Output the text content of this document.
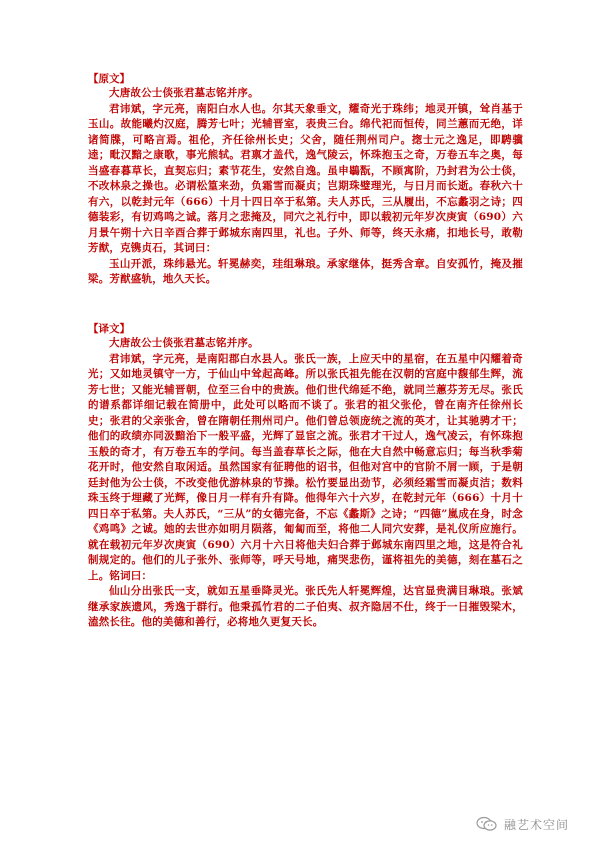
【原文】

大唐故公士倓张君墓志铭并序。

君讳斌，字元亮，南阳白水人也。尔其天象垂文，耀奇光于珠纬；地灵开镇，耸肖基于玉山。故能曦灼汉庭，腾芳七叶；光辅晋室，表贵三台。绵代祀而恒传，同兰蕙而无绝，详诸简牒，可略言焉。祖伦，齐任徐州长史；父舍，随任荆州司户。揔士元之逸足，即騁骥逵；毗汉黯之康歌，事光熊轼。君禀才盖代，逸气陵云，怀珠抱玉之奇，万卷五车之奥，每当盛春暮草长，直契忘归；素节花生，安然自逸。虽申鶡翫，不顾寓阶，乃封君为公士倓，不改林泉之操也。必谓松篁来劲，负霜雪而凝贞；岂期珠璧理光，与日月而长逝。春秋六十有六，以乾封元年（666）十月十四日卒于私第。夫人苏氏，三从履出，不忘蠡羽之诗；四德装彩，有切鸡鸣之诚。落月之悲掩及，同穴之礼行中，即以载初元年岁次庚寅（690）六月景午朔十六日辛酉合葬于邺城东南四里，礼也。子外、师等，终天永痛，扣地长号，敢勒芳猷，克镌贞石，其词曰：

玉山开派，珠纬悬光。轩冕赫奕，珪组琳琅。承家继体，挺秀含章。自安孤竹，掩及摧梁。芳猷盛轨，地久天长。

【译文】

大唐故公士倓张君墓志铭并序。

君讳斌，字元亮，是南阳郡白水县人。张氏一族，上应天中的星宿，在五星中闪耀着奇光；又如地灵镇守一方，于仙山中耸起高峰。所以张氏祖先能在汉朝的宫庭中馥郁生辉，流芳七世；又能光辅晋朝，位至三台中的贵族。他们世代绵延不绝，就同兰蕙芬芳无尽。张氏的谱系都详细记载在简册中，此处可以略而不谈了。张君的祖父张伦，曾在南齐任徐州长史；张君的父亲张舍，曾在隋朝任荆州司户。他们曾总领庞统之流的英才，让其驰骋才干；他们的政绩亦同汲黯治下一般平盛，光辉了显宦之流。张君才干过人，逸气凌云，有怀珠抱玉般的奇才，有万卷五车的学问。每当盖春草长之际，他在大自然中畅意忘归；每当秋季菊花开时，他安然自取闲适。虽然国家有征聘他的诏书，但他对宫中的官阶不屑一顾，于是朝廷封他为公士倓，不改变他优游林泉的节操。松竹要显出劲节，必须经霜雪而凝贞洁；数料珠玉终于埋藏了光辉，像日月一样有升有降。他得年六十六岁，在乾封元年（666）十月十四日卒于私第。夫人苏氏，“三从”的女德完备，不忘《蠡斯》之诗；“四德”嵐成在身，时念《鸡鸣》之诚。她的去世亦如明月陨落，匍匐而至，将他二人同穴安葬，是礼仪所应施行。就在载初元年岁次庚寅（690）六月十六日将他夫妇合葬于邺城东南四里之地，这是符合礼制规定的。他们的儿子张外、张师等，呼天号地，痛哭悲伤，谨将祖先的美德，刻在墓石之上。铭词曰：

仙山分出张氏一支，就如五星垂降灵光。张氏先人轩冕辉煌，达官显贵满目琳琅。张斌继承家族遗风，秀逸于群行。他秉孤竹君的二子伯夷、叔齐隐居不仕，终于一日摧毁梁木，溘然长往。他的美德和善行，必将地久更复天长。

融艺术空间
